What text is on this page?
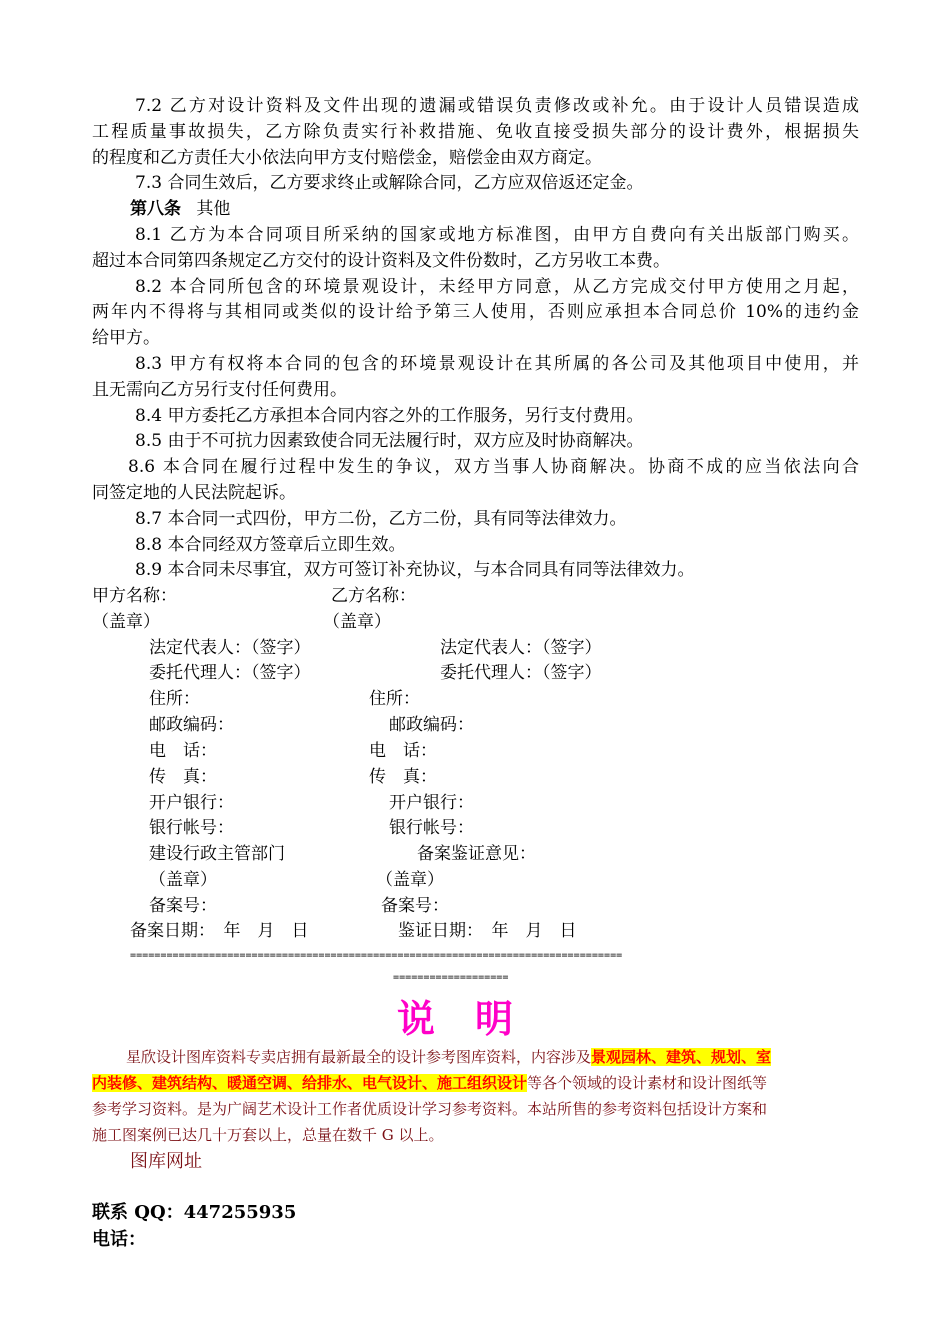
7.2 乙方对设计资料及文件出现的遗漏或错误负责修改或补允。由于设计人员错误造成
工程质量事故损失，乙方除负责实行补救措施、免收直接受损失部分的设计费外，根据损失
的程度和乙方责任大小依法向甲方支付赔偿金，赔偿金由双方商定。
7.3 合同生效后，乙方要求终止或解除合同，乙方应双倍返还定金。
第八条 其他
8.1 乙方为本合同项目所采纳的国家或地方标准图，由甲方自费向有关出版部门购买。
超过本合同第四条规定乙方交付的设计资料及文件份数时，乙方另收工本费。
8.2 本合同所包含的环境景观设计，未经甲方同意，从乙方完成交付甲方使用之月起，
两年内不得将与其相同或类似的设计给予第三人使用，否则应承担本合同总价 10%的违约金
给甲方。
8.3 甲方有权将本合同的包含的环境景观设计在其所属的各公司及其他项目中使用，并
且无需向乙方另行支付任何费用。
8.4 甲方委托乙方承担本合同内容之外的工作服务，另行支付费用。
8.5 由于不可抗力因素致使合同无法履行时，双方应及时协商解决。
8.6 本合同在履行过程中发生的争议，双方当事人协商解决。协商不成的应当依法向合
同签定地的人民法院起诉。
8.7 本合同一式四份，甲方二份，乙方二份，具有同等法律效力。
8.8 本合同经双方签章后立即生效。
8.9 本合同未尽事宜，双方可签订补充协议，与本合同具有同等法律效力。
甲方名称：	乙方名称：
（盖章）	（盖章）
法定代表人：（签字）	法定代表人：（签字）
委托代理人：（签字）	委托代理人：（签字）
住所：	住所：
邮政编码：	邮政编码：
电　话：	电　话：
传　真：	传　真：
开户银行：	开户银行：
银行帐号：	银行帐号：
建设行政主管部门	备案鉴证意见：
（盖章）	（盖章）
备案号：	备案号：
备案日期：　年　月　日	鉴证日期：　年　月　日
=================================================================================
===================
说明
星欣设计图库资料专卖店拥有最新最全的设计参考图库资料，内容涉及景观园林、建筑、规划、室
内装修、建筑结构、暖通空调、给排水、电气设计、施工组织设计等各个领域的设计素材和设计图纸等
参考学习资料。是为广阔艺术设计工作者优质设计学习参考资料。本站所售的参考资料包括设计方案和
施工图案例已达几十万套以上，总量在数千 G 以上。
图库网址
联系 QQ：447255935
电话：
